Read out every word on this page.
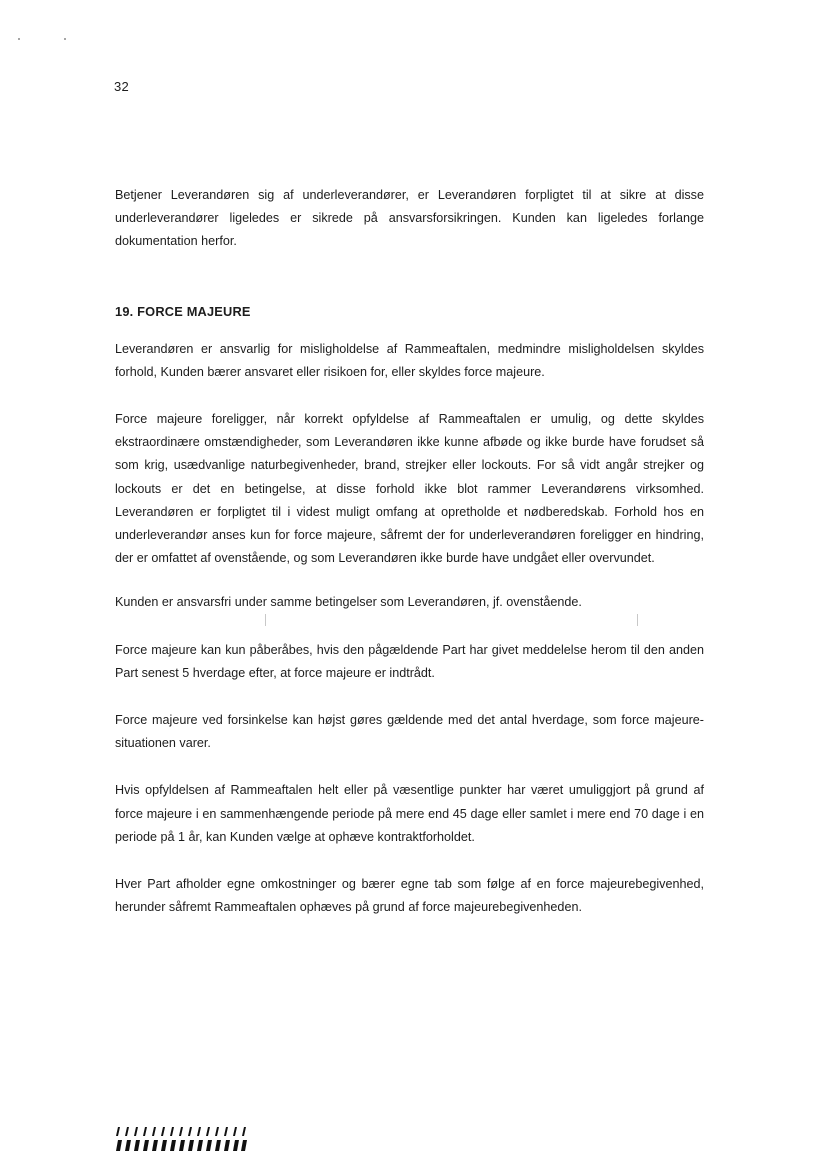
32

Betjener Leverandøren sig af underleverandører, er Leverandøren forpligtet til at sikre at disse underleverandører ligeledes er sikrede på ansvarsforsikringen. Kunden kan ligeledes forlange dokumentation herfor.

19. FORCE MAJEURE

Leverandøren er ansvarlig for misligholdelse af Rammeaftalen, medmindre misligholdelsen skyldes forhold, Kunden bærer ansvaret eller risikoen for, eller skyldes force majeure.

Force majeure foreligger, når korrekt opfyldelse af Rammeaftalen er umulig, og dette skyldes ekstraordinære omstændigheder, som Leverandøren ikke kunne afbøde og ikke burde have forudset så som krig, usædvanlige naturbegivenheder, brand, strejker eller lockouts. For så vidt angår strejker og lockouts er det en betingelse, at disse forhold ikke blot rammer Leverandørens virksomhed. Leverandøren er forpligtet til i videst muligt omfang at opretholde et nødberedskab. Forhold hos en underleverandør anses kun for force majeure, såfremt der for underleverandøren foreligger en hindring, der er omfattet af ovenstående, og som Leverandøren ikke burde have undgået eller overvundet.

Kunden er ansvarsfri under samme betingelser som Leverandøren, jf. ovenstående.

Force majeure kan kun påberåbes, hvis den pågældende Part har givet meddelelse herom til den anden Part senest 5 hverdage efter, at force majeure er indtrådt.

Force majeure ved forsinkelse kan højst gøres gældende med det antal hverdage, som force majeure-situationen varer.

Hvis opfyldelsen af Rammeaftalen helt eller på væsentlige punkter har været umuliggjort på grund af force majeure i en sammenhængende periode på mere end 45 dage eller samlet i mere end 70 dage i en periode på 1 år, kan Kunden vælge at ophæve kontraktforholdet.

Hver Part afholder egne omkostninger og bærer egne tab som følge af en force majeurebegivenhed, herunder såfremt Rammeaftalen ophæves på grund af force majeurebegivenheden.
